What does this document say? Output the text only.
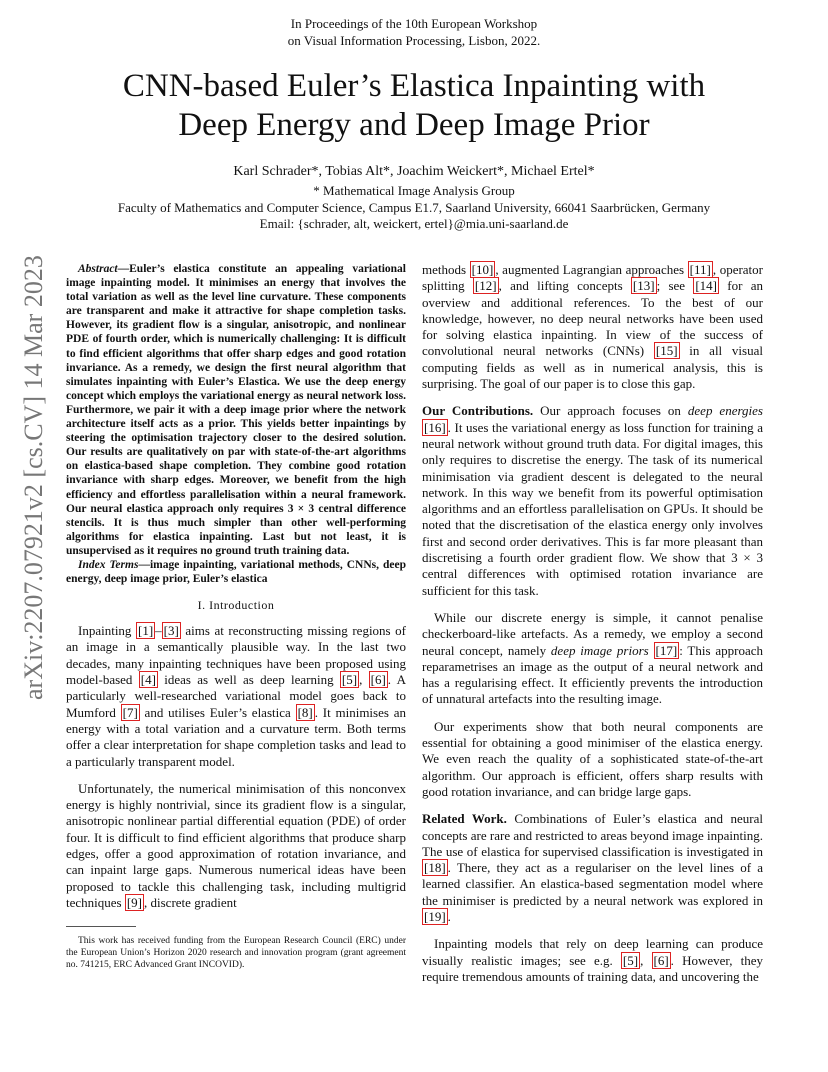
In Proceedings of the 10th European Workshop
on Visual Information Processing, Lisbon, 2022.
CNN-based Euler’s Elastica Inpainting with
Deep Energy and Deep Image Prior
Karl Schrader*, Tobias Alt*, Joachim Weickert*, Michael Ertel*
* Mathematical Image Analysis Group
Faculty of Mathematics and Computer Science, Campus E1.7, Saarland University, 66041 Saarbrücken, Germany
Email: {schrader, alt, weickert, ertel}@mia.uni-saarland.de
arXiv:2207.07921v2 [cs.CV] 14 Mar 2023	Abstract—Euler’s elastica constitute an appealing variational image inpainting model. It minimises an energy that involves the total variation as well as the level line curvature. These components are transparent and make it attractive for shape completion tasks. However, its gradient flow is a singular, anisotropic, and nonlinear PDE of fourth order, which is numerically challenging: It is difficult to find efficient algorithms that offer sharp edges and good rotation invariance. As a remedy, we design the first neural algorithm that simulates inpainting with Euler’s Elastica. We use the deep energy concept which employs the variational energy as neural network loss. Furthermore, we pair it with a deep image prior where the network architecture itself acts as a prior. This yields better inpaintings by steering the optimisation trajectory closer to the desired solution. Our results are qualitatively on par with state-of-the-art algorithms on elastica-based shape completion. They combine good rotation invariance with sharp edges. Moreover, we benefit from the high efficiency and effortless parallelisation within a neural framework. Our neural elastica approach only requires 3 × 3 central difference stencils. It is thus much simpler than other well-performing algorithms for elastica inpainting. Last but not least, it is unsupervised as it requires no ground truth training data.

Index Terms—image inpainting, variational methods, CNNs, deep energy, deep image prior, Euler’s elastica

I. Introduction

Inpainting [1] – [3] aims at reconstructing missing regions of an image in a semantically plausible way. In the last two decades, many inpainting techniques have been proposed using model-based [4] ideas as well as deep learning [5] , [6] . A particularly well-researched variational model goes back to Mumford [7] and utilises Euler’s elastica [8] . It minimises an energy with a total variation and a curvature term. Both terms offer a clear interpretation for shape completion tasks and lead to a particularly transparent model.

Unfortunately, the numerical minimisation of this nonconvex energy is highly nontrivial, since its gradient flow is a singular, anisotropic nonlinear partial differential equation (PDE) of order four. It is difficult to find efficient algorithms that produce sharp edges, offer a good approximation of rotation invariance, and can inpaint large gaps. Numerous numerical ideas have been proposed to tackle this challenging task, including multigrid techniques [9] , discrete gradient

This work has received funding from the European Research Council (ERC) under the European Union’s Horizon 2020 research and innovation program (grant agreement no. 741215, ERC Advanced Grant INCOVID).

methods [10] , augmented Lagrangian approaches [11] , operator splitting [12] , and lifting concepts [13] ; see [14] for an overview and additional references. To the best of our knowledge, however, no deep neural networks have been used for solving elastica inpainting. In view of the success of convolutional neural networks (CNNs) [15] in all visual computing fields as well as in numerical analysis, this is surprising. The goal of our paper is to close this gap.

Our Contributions. Our approach focuses on deep energies [16] . It uses the variational energy as loss function for training a neural network without ground truth data. For digital images, this only requires to discretise the energy. The task of its numerical minimisation via gradient descent is delegated to the neural network. In this way we benefit from its powerful optimisation algorithms and an effortless parallelisation on GPUs. It should be noted that the discretisation of the elastica energy only involves first and second order derivatives. This is far more pleasant than discretising a fourth order gradient flow. We show that 3 × 3 central differences with optimised rotation invariance are sufficient for this task.

While our discrete energy is simple, it cannot penalise checkerboard-like artefacts. As a remedy, we employ a second neural concept, namely deep image priors [17] : This approach reparametrises an image as the output of a neural network and has a regularising effect. It efficiently prevents the introduction of unnatural artefacts into the resulting image.

Our experiments show that both neural components are essential for obtaining a good minimiser of the elastica energy. We even reach the quality of a sophisticated state-of-the-art algorithm. Our approach is efficient, offers sharp results with good rotation invariance, and can bridge large gaps.

Related Work. Combinations of Euler’s elastica and neural concepts are rare and restricted to areas beyond image inpainting. The use of elastica for supervised classification is investigated in [18] . There, they act as a regulariser on the level lines of a learned classifier. An elastica-based segmentation model where the minimiser is predicted by a neural network was explored in [19] .

Inpainting models that rely on deep learning can produce visually realistic images; see e.g. [5] , [6] . However, they require tremendous amounts of training data, and uncovering the
